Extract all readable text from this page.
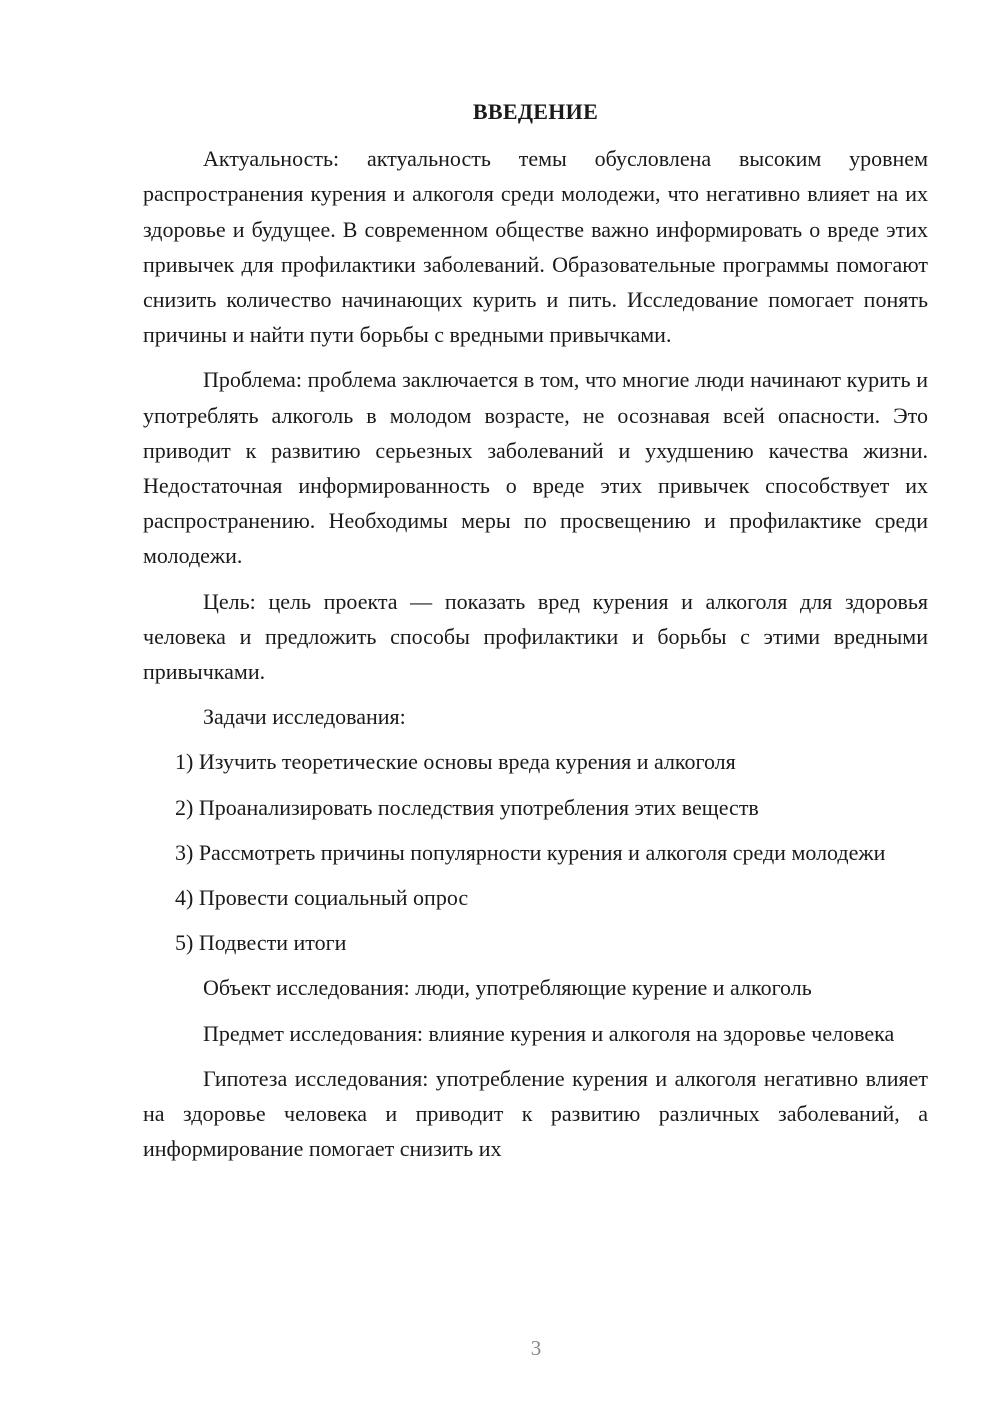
ВВЕДЕНИЕ

Актуальность: актуальность темы обусловлена высоким уровнем распространения курения и алкоголя среди молодежи, что негативно влияет на их здоровье и будущее. В современном обществе важно информировать о вреде этих привычек для профилактики заболеваний. Образовательные программы помогают снизить количество начинающих курить и пить. Исследование помогает понять причины и найти пути борьбы с вредными привычками.

Проблема: проблема заключается в том, что многие люди начинают курить и употреблять алкоголь в молодом возрасте, не осознавая всей опасности. Это приводит к развитию серьезных заболеваний и ухудшению качества жизни. Недостаточная информированность о вреде этих привычек способствует их распространению. Необходимы меры по просвещению и профилактике среди молодежи.

Цель: цель проекта — показать вред курения и алкоголя для здоровья человека и предложить способы профилактики и борьбы с этими вредными привычками.

Задачи исследования:

1) Изучить теоретические основы вреда курения и алкоголя

2) Проанализировать последствия употребления этих веществ

3) Рассмотреть причины популярности курения и алкоголя среди молодежи

4) Провести социальный опрос

5) Подвести итоги

Объект исследования: люди, употребляющие курение и алкоголь

Предмет исследования: влияние курения и алкоголя на здоровье человека

Гипотеза исследования: употребление курения и алкоголя негативно влияет на здоровье человека и приводит к развитию различных заболеваний, а информирование помогает снизить их

3
